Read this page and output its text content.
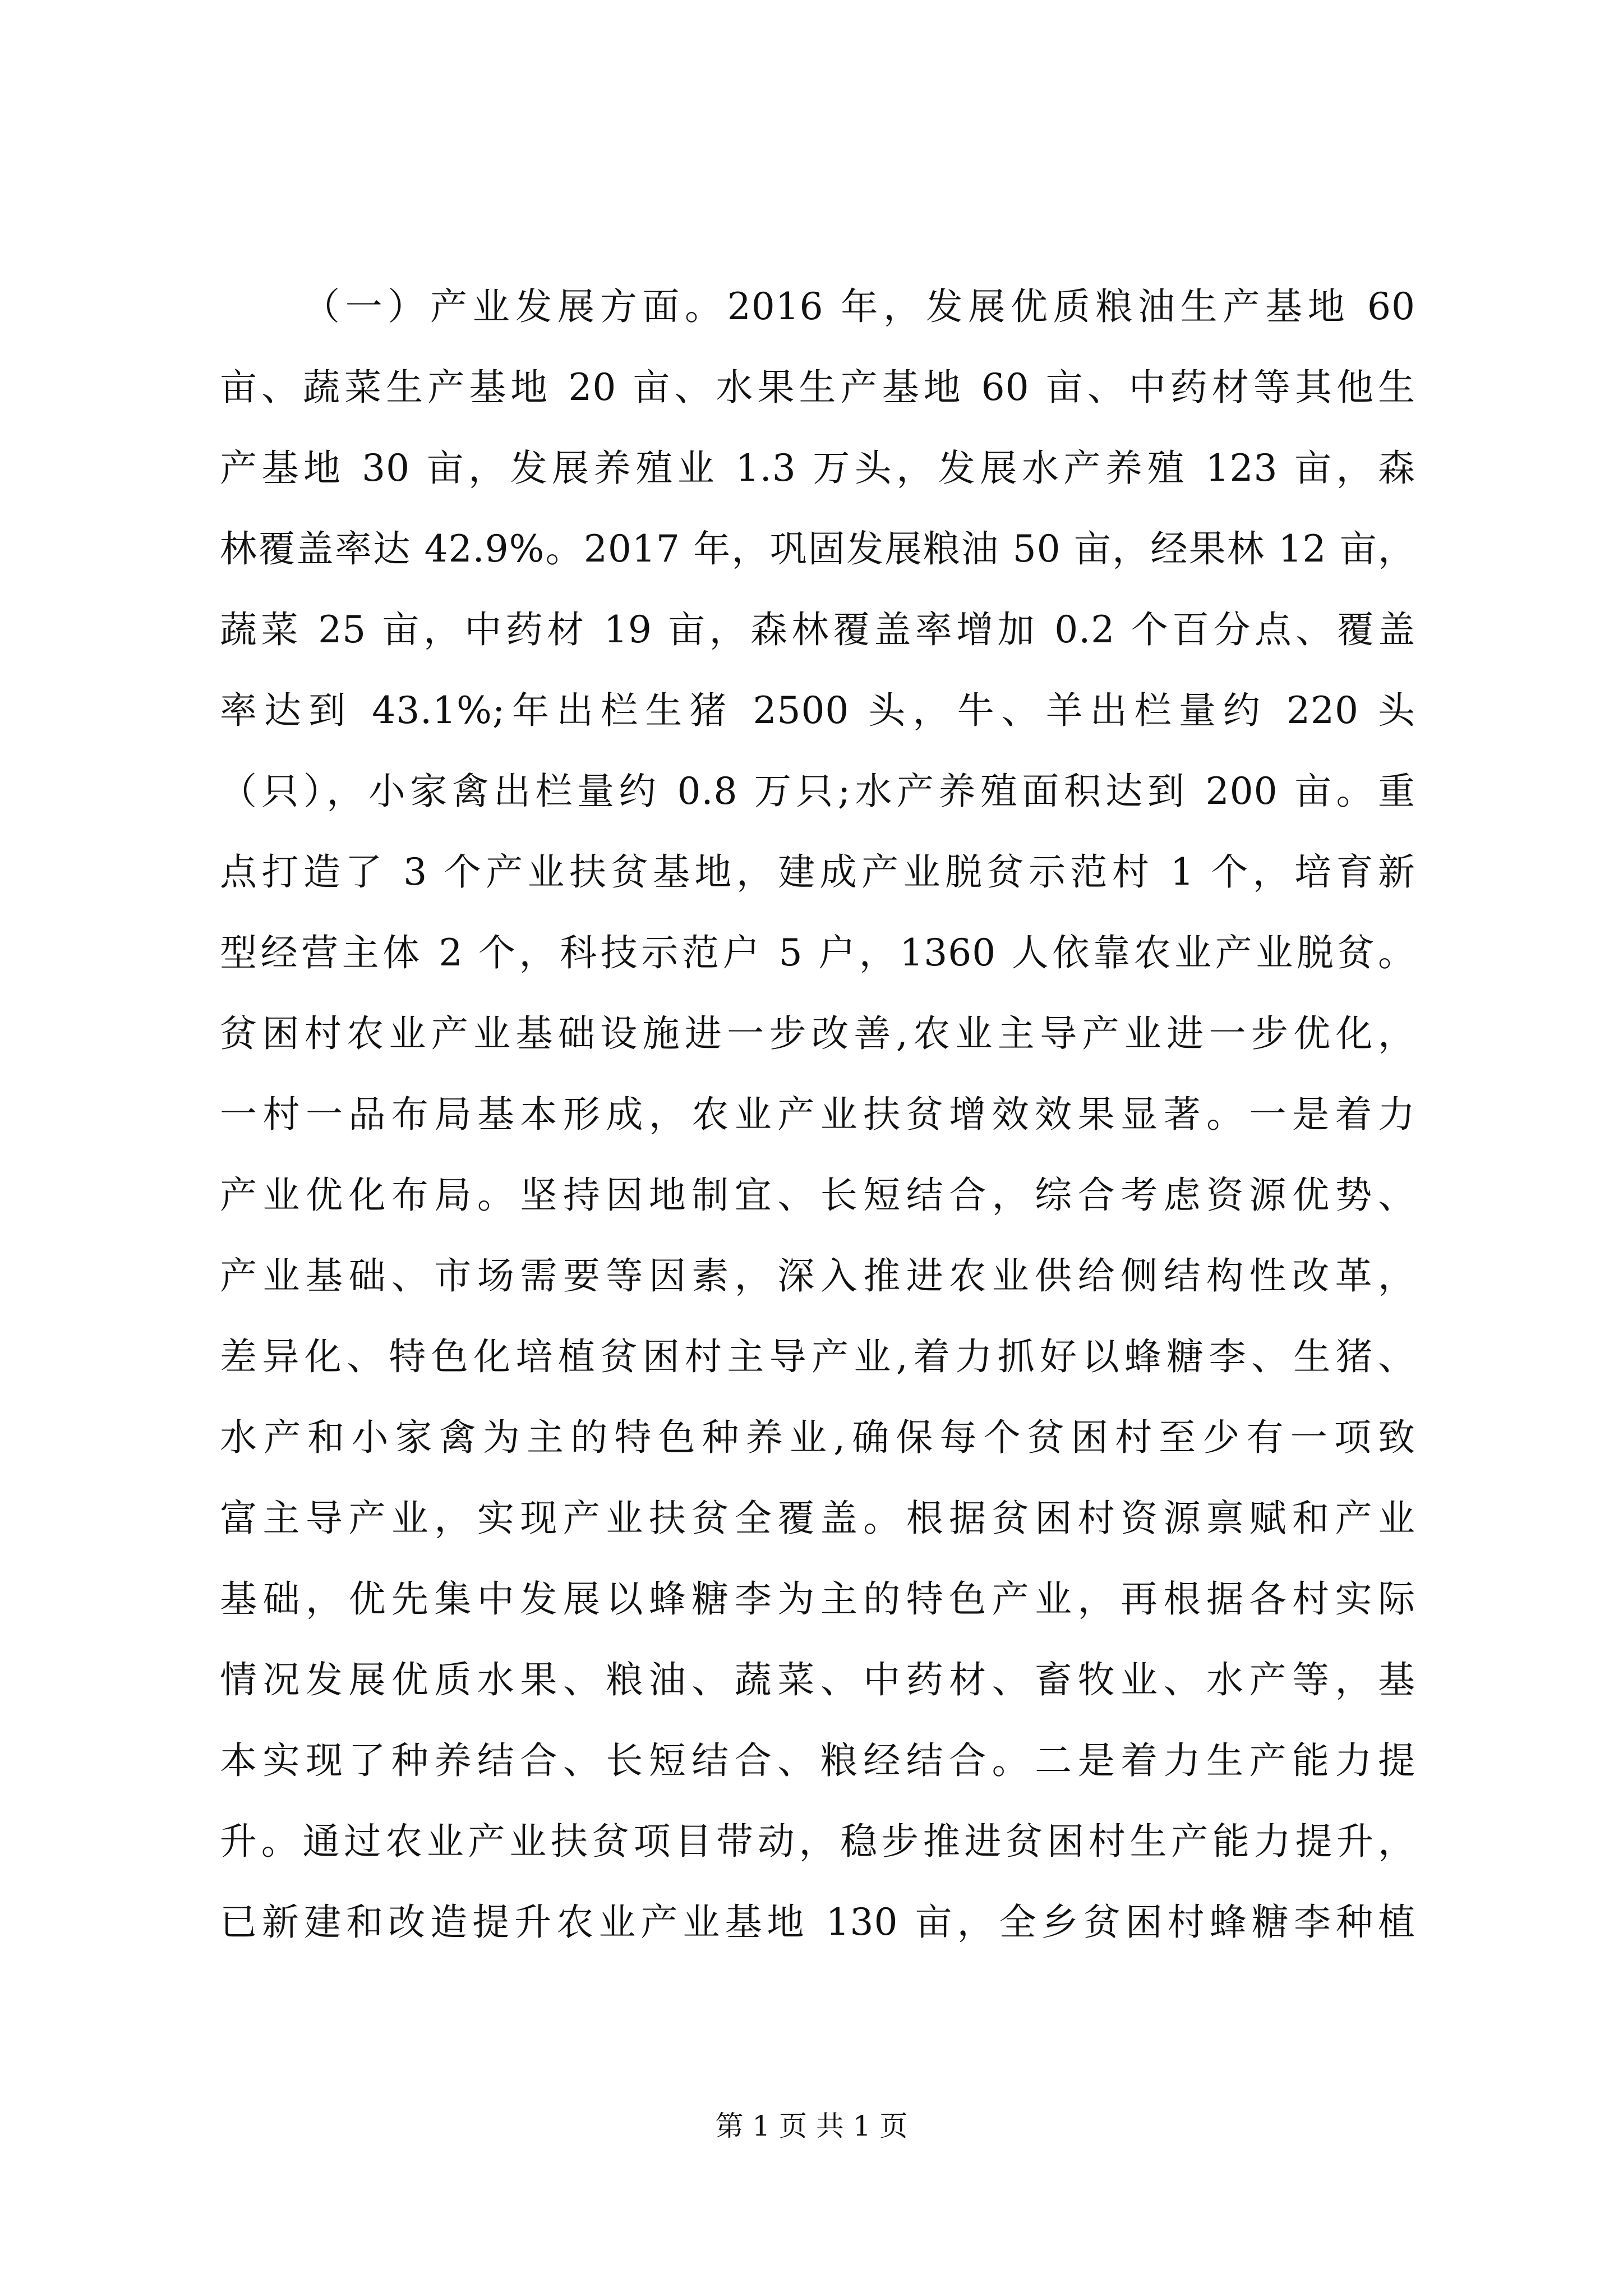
（一）产业发展方面。2016 年，发展优质粮油生产基地 60
亩、蔬菜生产基地 20 亩、水果生产基地 60 亩、中药材等其他生
产基地 30 亩，发展养殖业 1.3 万头，发展水产养殖 123 亩，森
林覆盖率达 42.9%。2017 年，巩固发展粮油 50 亩，经果林 12 亩，
蔬菜 25 亩，中药材 19 亩，森林覆盖率增加 0.2 个百分点、覆盖
率达到 43.1%;年出栏生猪 2500 头，牛、羊出栏量约 220 头
（只），小家禽出栏量约 0.8 万只;水产养殖面积达到 200 亩。重
点打造了 3 个产业扶贫基地，建成产业脱贫示范村 1 个，培育新
型经营主体 2 个，科技示范户 5 户，1360 人依靠农业产业脱贫。
贫困村农业产业基础设施进一步改善,农业主导产业进一步优化，
一村一品布局基本形成，农业产业扶贫增效效果显著。一是着力
产业优化布局。坚持因地制宜、长短结合，综合考虑资源优势、
产业基础、市场需要等因素，深入推进农业供给侧结构性改革，
差异化、特色化培植贫困村主导产业,着力抓好以蜂糖李、生猪、
水产和小家禽为主的特色种养业,确保每个贫困村至少有一项致
富主导产业，实现产业扶贫全覆盖。根据贫困村资源禀赋和产业
基础，优先集中发展以蜂糖李为主的特色产业，再根据各村实际
情况发展优质水果、粮油、蔬菜、中药材、畜牧业、水产等，基
本实现了种养结合、长短结合、粮经结合。二是着力生产能力提
升。通过农业产业扶贫项目带动，稳步推进贫困村生产能力提升，
已新建和改造提升农业产业基地 130 亩，全乡贫困村蜂糖李种植
第 1 页 共 1 页
